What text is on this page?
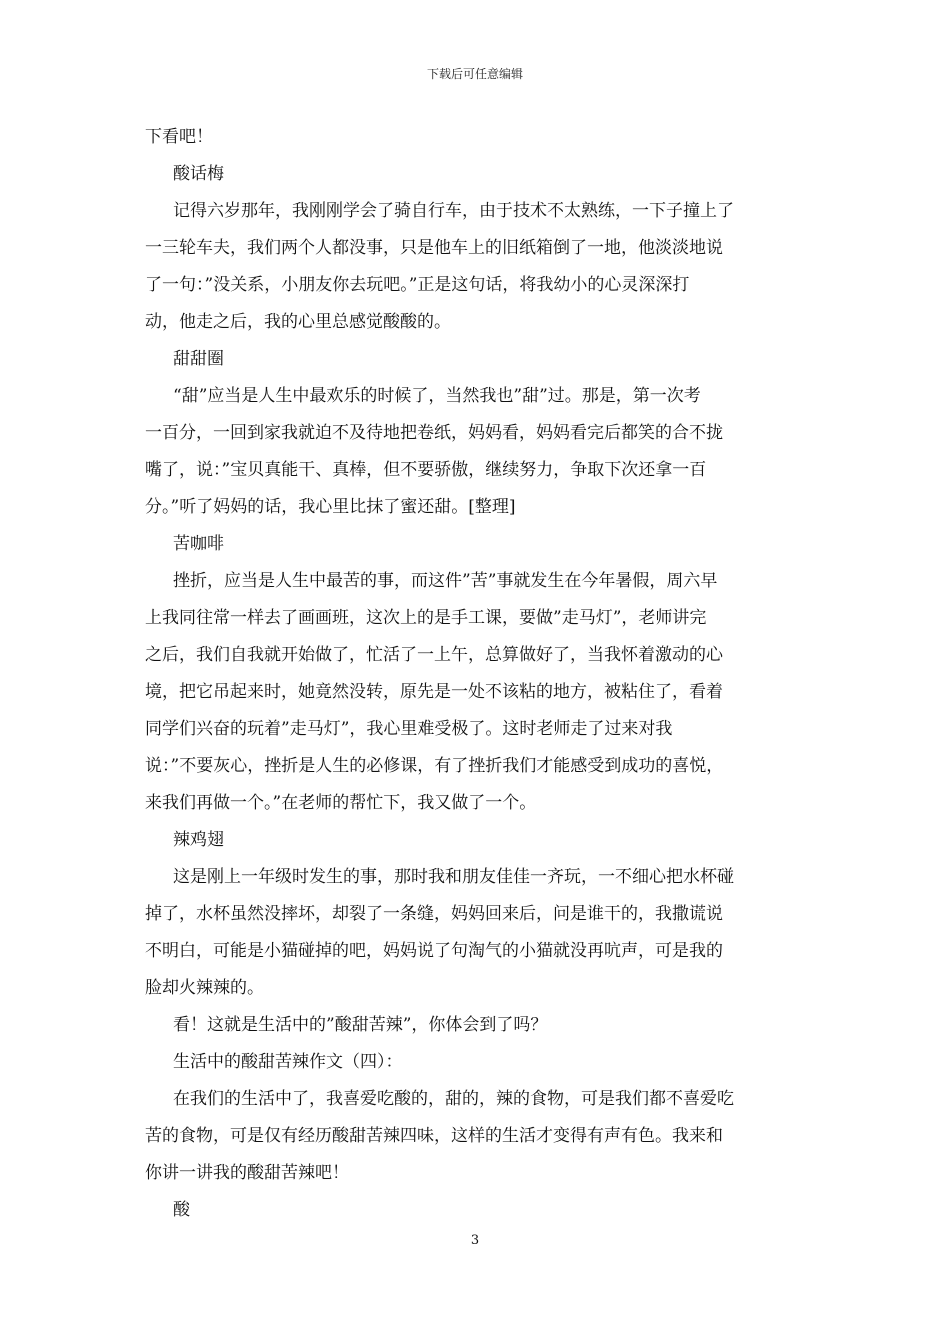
下载后可任意编辑
下看吧！
酸话梅
记得六岁那年，我刚刚学会了骑自行车，由于技术不太熟练，一下子撞上了
一三轮车夫，我们两个人都没事，只是他车上的旧纸箱倒了一地，他淡淡地说
了一句：”没关系，小朋友你去玩吧。”正是这句话，将我幼小的心灵深深打
动，他走之后，我的心里总感觉酸酸的。
甜甜圈
“甜”应当是人生中最欢乐的时候了，当然我也”甜”过。那是，第一次考
一百分，一回到家我就迫不及待地把卷纸，妈妈看，妈妈看完后都笑的合不拢
嘴了，说：”宝贝真能干、真棒，但不要骄傲，继续努力，争取下次还拿一百
分。”听了妈妈的话，我心里比抹了蜜还甜。[整理]
苦咖啡
挫折，应当是人生中最苦的事，而这件”苦”事就发生在今年暑假，周六早
上我同往常一样去了画画班，这次上的是手工课，要做”走马灯”，老师讲完
之后，我们自我就开始做了，忙活了一上午，总算做好了，当我怀着激动的心
境，把它吊起来时，她竟然没转，原先是一处不该粘的地方，被粘住了，看着
同学们兴奋的玩着”走马灯”，我心里难受极了。这时老师走了过来对我
说：”不要灰心，挫折是人生的必修课，有了挫折我们才能感受到成功的喜悦，
来我们再做一个。”在老师的帮忙下，我又做了一个。
辣鸡翅
这是刚上一年级时发生的事，那时我和朋友佳佳一齐玩，一不细心把水杯碰
掉了，水杯虽然没摔坏，却裂了一条缝，妈妈回来后，问是谁干的，我撒谎说
不明白，可能是小猫碰掉的吧，妈妈说了句淘气的小猫就没再吭声，可是我的
脸却火辣辣的。
看！这就是生活中的”酸甜苦辣”，你体会到了吗？
生活中的酸甜苦辣作文（四）：
在我们的生活中了，我喜爱吃酸的，甜的，辣的食物，可是我们都不喜爱吃
苦的食物，可是仅有经历酸甜苦辣四味，这样的生活才变得有声有色。我来和
你讲一讲我的酸甜苦辣吧！
酸
3
